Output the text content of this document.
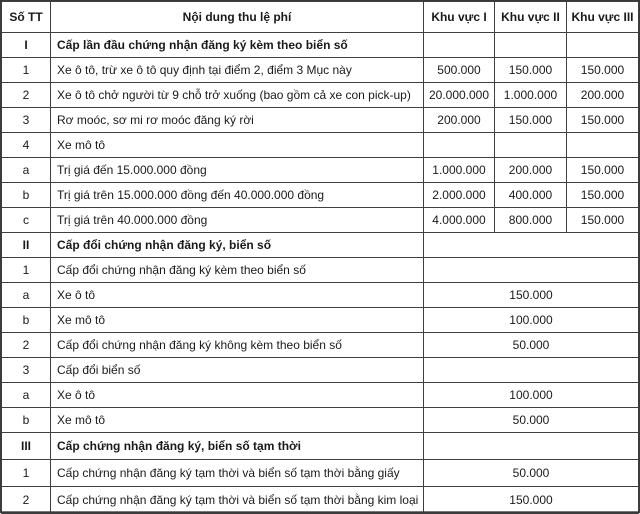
Số TT	Nội dung thu lệ phí	Khu vực I	Khu vực II	Khu vực III
I	Cấp lần đầu chứng nhận đăng ký kèm theo biển số			
1	Xe ô tô, trừ xe ô tô quy định tại điểm 2, điểm 3 Mục này	500.000	150.000	150.000
2	Xe ô tô chở người từ 9 chỗ trở xuống (bao gồm cả xe con pick-up)	20.000.000	1.000.000	200.000
3	Rơ moóc, sơ mi rơ moóc đăng ký rời	200.000	150.000	150.000
4	Xe mô tô			
a	Trị giá đến 15.000.000 đồng	1.000.000	200.000	150.000
b	Trị giá trên 15.000.000 đồng đến 40.000.000 đồng	2.000.000	400.000	150.000
c	Trị giá trên 40.000.000 đồng	4.000.000	800.000	150.000
II	Cấp đổi chứng nhận đăng ký, biển số			
1	Cấp đổi chứng nhận đăng ký kèm theo biển số			
a	Xe ô tô	150.000		
b	Xe mô tô	100.000		
2	Cấp đổi chứng nhận đăng ký không kèm theo biển số	50.000		
3	Cấp đổi biển số			
a	Xe ô tô	100.000		
b	Xe mô tô	50.000		
III	Cấp chứng nhận đăng ký, biển số tạm thời			
1	Cấp chứng nhận đăng ký tạm thời và biển số tạm thời bằng giấy	50.000		
2	Cấp chứng nhận đăng ký tạm thời và biển số tạm thời bằng kim loại	150.000		
